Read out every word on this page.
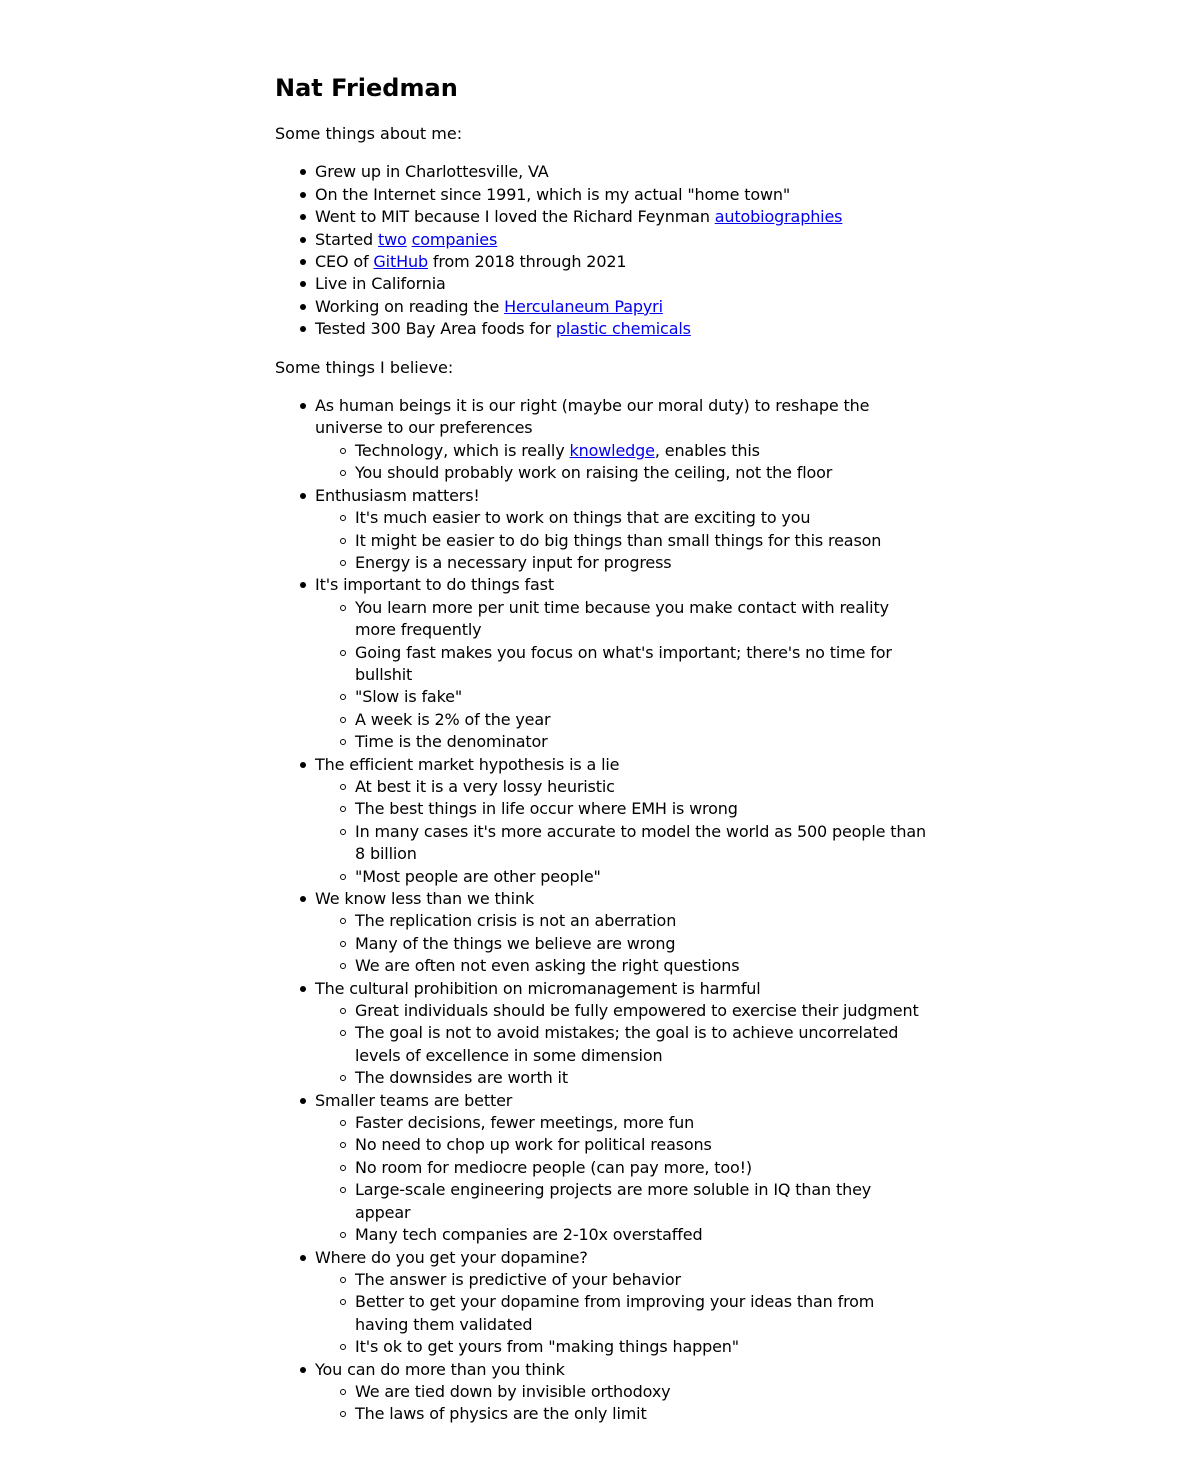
Nat Friedman

Some things about me:

Grew up in Charlottesville, VA
On the Internet since 1991, which is my actual "home town"
Went to MIT because I loved the Richard Feynman autobiographies
Started two companies
CEO of GitHub from 2018 through 2021
Live in California
Working on reading the Herculaneum Papyri
Tested 300 Bay Area foods for plastic chemicals

Some things I believe:

As human beings it is our right (maybe our moral duty) to reshape the universe to our preferences
Technology, which is really knowledge, enables this
You should probably work on raising the ceiling, not the floor
Enthusiasm matters!
It's much easier to work on things that are exciting to you
It might be easier to do big things than small things for this reason
Energy is a necessary input for progress
It's important to do things fast
You learn more per unit time because you make contact with reality more frequently
Going fast makes you focus on what's important; there's no time for bullshit
"Slow is fake"
A week is 2% of the year
Time is the denominator
The efficient market hypothesis is a lie
At best it is a very lossy heuristic
The best things in life occur where EMH is wrong
In many cases it's more accurate to model the world as 500 people than 8 billion
"Most people are other people"
We know less than we think
The replication crisis is not an aberration
Many of the things we believe are wrong
We are often not even asking the right questions
The cultural prohibition on micromanagement is harmful
Great individuals should be fully empowered to exercise their judgment
The goal is not to avoid mistakes; the goal is to achieve uncorrelated levels of excellence in some dimension
The downsides are worth it
Smaller teams are better
Faster decisions, fewer meetings, more fun
No need to chop up work for political reasons
No room for mediocre people (can pay more, too!)
Large-scale engineering projects are more soluble in IQ than they appear
Many tech companies are 2-10x overstaffed
Where do you get your dopamine?
The answer is predictive of your behavior
Better to get your dopamine from improving your ideas than from having them validated
It's ok to get yours from "making things happen"
You can do more than you think
We are tied down by invisible orthodoxy
The laws of physics are the only limit
